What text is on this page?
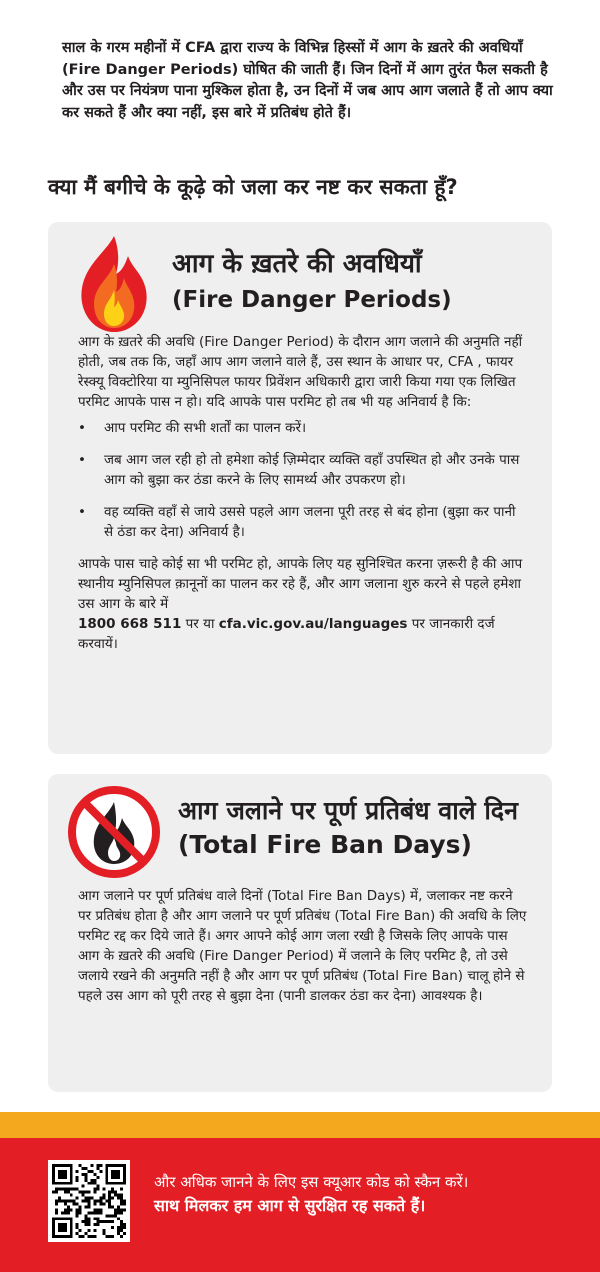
साल के गरम महीनों में CFA द्वारा राज्य के विभिन्न हिस्सों में आग के ख़तरे की अवधियाँ (Fire Danger Periods) घोषित की जाती हैं। जिन दिनों में आग तुरंत फैल सकती है और उस पर नियंत्रण पाना मुश्किल होता है, उन दिनों में जब आप आग जलाते हैं तो आप क्या कर सकते हैं और क्या नहीं, इस बारे में प्रतिबंध होते हैं।

क्या मैं बगीचे के कूढ़े को जला कर नष्ट कर सकता हूँ?
आग के ख़तरे की अवधियाँ
(Fire Danger Periods)

आग के ख़तरे की अवधि (Fire Danger Period) के दौरान आग जलाने की अनुमति नहीं होती, जब तक कि, जहाँ आप आग जलाने वाले हैं, उस स्थान के आधार पर, CFA , फायर रेस्क्यू विक्टोरिया या म्युनिसिपल फायर प्रिवेंशन अधिकारी द्वारा जारी किया गया एक लिखित परमिट आपके पास न हो। यदि आपके पास परमिट हो तब भी यह अनिवार्य है कि:

• आप परमिट की सभी शर्तों का पालन करें।
• जब आग जल रही हो तो हमेशा कोई ज़िम्मेदार व्यक्ति वहाँ उपस्थित हो और उनके पास आग को बुझा कर ठंडा करने के लिए सामर्थ्य और उपकरण हो।
• वह व्यक्ति वहाँ से जाये उससे पहले आग जलना पूरी तरह से बंद होना (बुझा कर पानी से ठंडा कर देना) अनिवार्य है।

आपके पास चाहे कोई सा भी परमिट हो, आपके लिए यह सुनिश्चित करना ज़रूरी है की आप स्थानीय म्युनिसिपल क़ानूनों का पालन कर रहे हैं, और आग जलाना शुरु करने से पहले हमेशा उस आग के बारे में
1800 668 511 पर या cfa.vic.gov.au/languages पर जानकारी दर्ज करवायें।

आग जलाने पर पूर्ण प्रतिबंध वाले दिन (Total Fire Ban Days)

आग जलाने पर पूर्ण प्रतिबंध वाले दिनों (Total Fire Ban Days) में, जलाकर नष्ट करने पर प्रतिबंध होता है और आग जलाने पर पूर्ण प्रतिबंध (Total Fire Ban) की अवधि के लिए परमिट रद्द कर दिये जाते हैं। अगर आपने कोई आग जला रखी है जिसके लिए आपके पास आग के ख़तरे की अवधि (Fire Danger Period) में जलाने के लिए परमिट है, तो उसे जलाये रखने की अनुमति नहीं है और आग पर पूर्ण प्रतिबंध (Total Fire Ban) चालू होने से पहले उस आग को पूरी तरह से बुझा देना (पानी डालकर ठंडा कर देना) आवश्यक है।

और अधिक जानने के लिए इस क्यूआर कोड को स्कैन करें।
साथ मिलकर हम आग से सुरक्षित रह सकते हैं।
